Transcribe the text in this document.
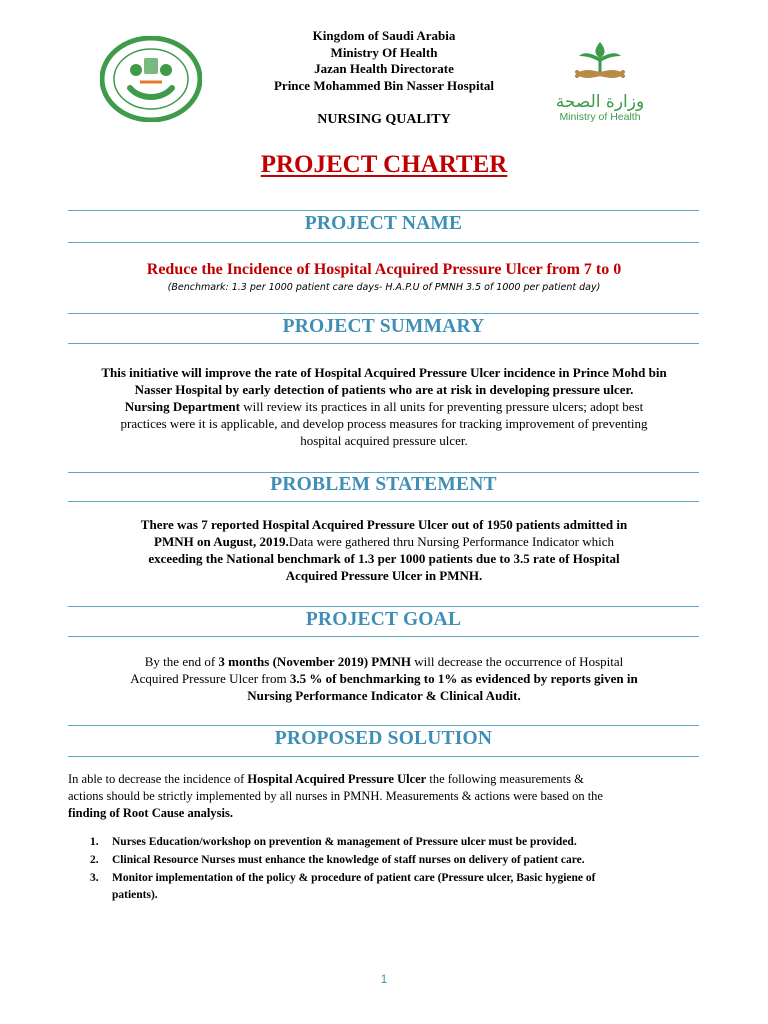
Kingdom of Saudi Arabia
Ministry Of Health
Jazan Health Directorate
Prince Mohammed Bin Nasser Hospital
وزارة الصحة
Ministry of Health
NURSING QUALITY
PROJECT CHARTER
PROJECT NAME
Reduce the Incidence of Hospital Acquired Pressure Ulcer from 7 to 0
(Benchmark: 1.3 per 1000 patient care days- H.A.P.U of PMNH 3.5 of 1000 per patient day)
PROJECT SUMMARY
This initiative will improve the rate of Hospital Acquired Pressure Ulcer incidence in Prince Mohd bin
Nasser Hospital by early detection of patients who are at risk in developing pressure ulcer.
Nursing Department will review its practices in all units for preventing pressure ulcers; adopt best
practices were it is applicable, and develop process measures for tracking improvement of preventing
hospital acquired pressure ulcer.
PROBLEM STATEMENT
There was 7 reported Hospital Acquired Pressure Ulcer out of 1950 patients admitted in
PMNH on August, 2019.Data were gathered thru Nursing Performance Indicator which
exceeding the National benchmark of 1.3 per 1000 patients due to 3.5 rate of Hospital
Acquired Pressure Ulcer in PMNH.
PROJECT GOAL
By the end of 3 months (November 2019) PMNH will decrease the occurrence of Hospital
Acquired Pressure Ulcer from 3.5 % of benchmarking to 1% as evidenced by reports given in
Nursing Performance Indicator & Clinical Audit.
PROPOSED SOLUTION
In able to decrease the incidence of Hospital Acquired Pressure Ulcer the following measurements &
actions should be strictly implemented by all nurses in PMNH. Measurements & actions were based on the
finding of Root Cause analysis.
1. Nurses Education/workshop on prevention & management of Pressure ulcer must be provided.
2. Clinical Resource Nurses must enhance the knowledge of staff nurses on delivery of patient care.
3. Monitor implementation of the policy & procedure of patient care (Pressure ulcer, Basic hygiene of
patients).
1
